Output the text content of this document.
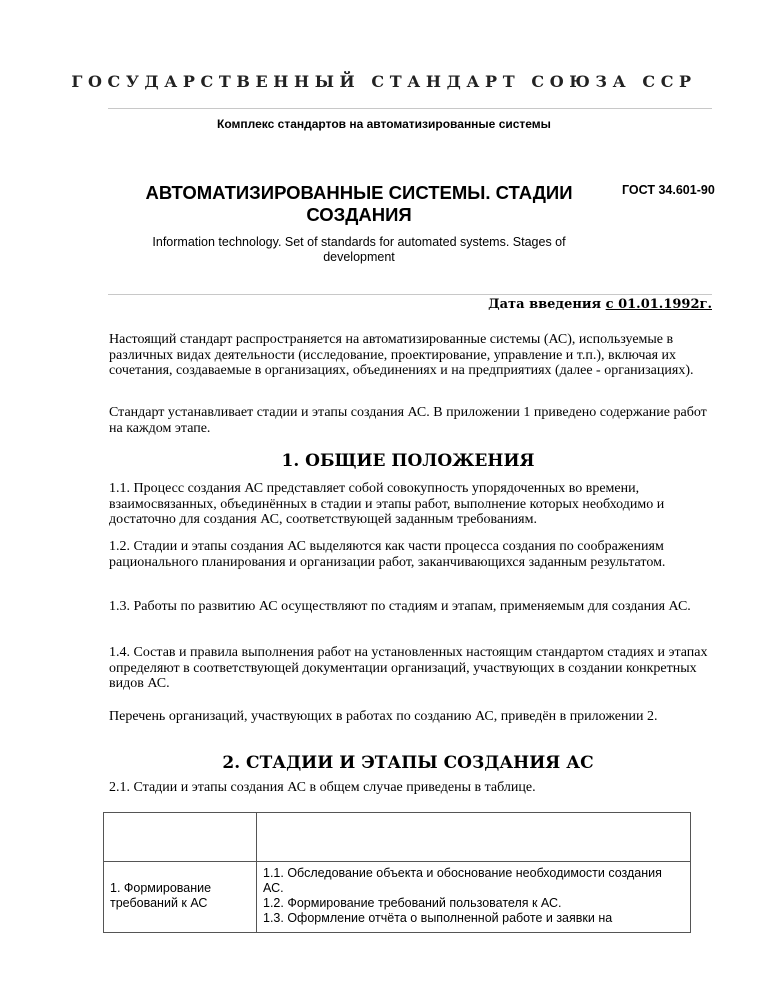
ГОСУДАРСТВЕННЫЙ СТАНДАРТ СОЮЗА ССР
Комплекс стандартов на автоматизированные системы
АВТОМАТИЗИРОВАННЫЕ СИСТЕМЫ. СТАДИИ СОЗДАНИЯ
ГОСТ 34.601-90
Information technology. Set of standards for automated systems. Stages of development
Дата введения с 01.01.1992г.
Настоящий стандарт распространяется на автоматизированные системы (АС), используемые в различных видах деятельности (исследование, проектирование, управление и т.п.), включая их сочетания, создаваемые в организациях, объединениях и на предприятиях (далее - организациях).
Стандарт устанавливает стадии и этапы создания АС. В приложении 1 приведено содержание работ на каждом этапе.
1. ОБЩИЕ ПОЛОЖЕНИЯ
1.1. Процесс создания АС представляет собой совокупность упорядоченных во времени, взаимосвязанных, объединённых в стадии и этапы работ, выполнение которых необходимо и достаточно для создания АС, соответствующей заданным требованиям.
1.2. Стадии и этапы создания АС выделяются как части процесса создания по соображениям рационального планирования и организации работ, заканчивающихся заданным результатом.
1.3. Работы по развитию АС осуществляют по стадиям и этапам, применяемым для создания АС.
1.4. Состав и правила выполнения работ на установленных настоящим стандартом стадиях и этапах определяют в соответствующей документации организаций, участвующих в создании конкретных видов АС.
Перечень организаций, участвующих в работах по созданию АС, приведён в приложении 2.
2. СТАДИИ И ЭТАПЫ СОЗДАНИЯ АС
2.1. Стадии и этапы создания АС в общем случае приведены в таблице.

1. Формирование требований к АС	1.1. Обследование объекта и обоснование необходимости создания АС.
1.2. Формирование требований пользователя к АС.
1.3. Оформление отчёта о выполненной работе и заявки на
